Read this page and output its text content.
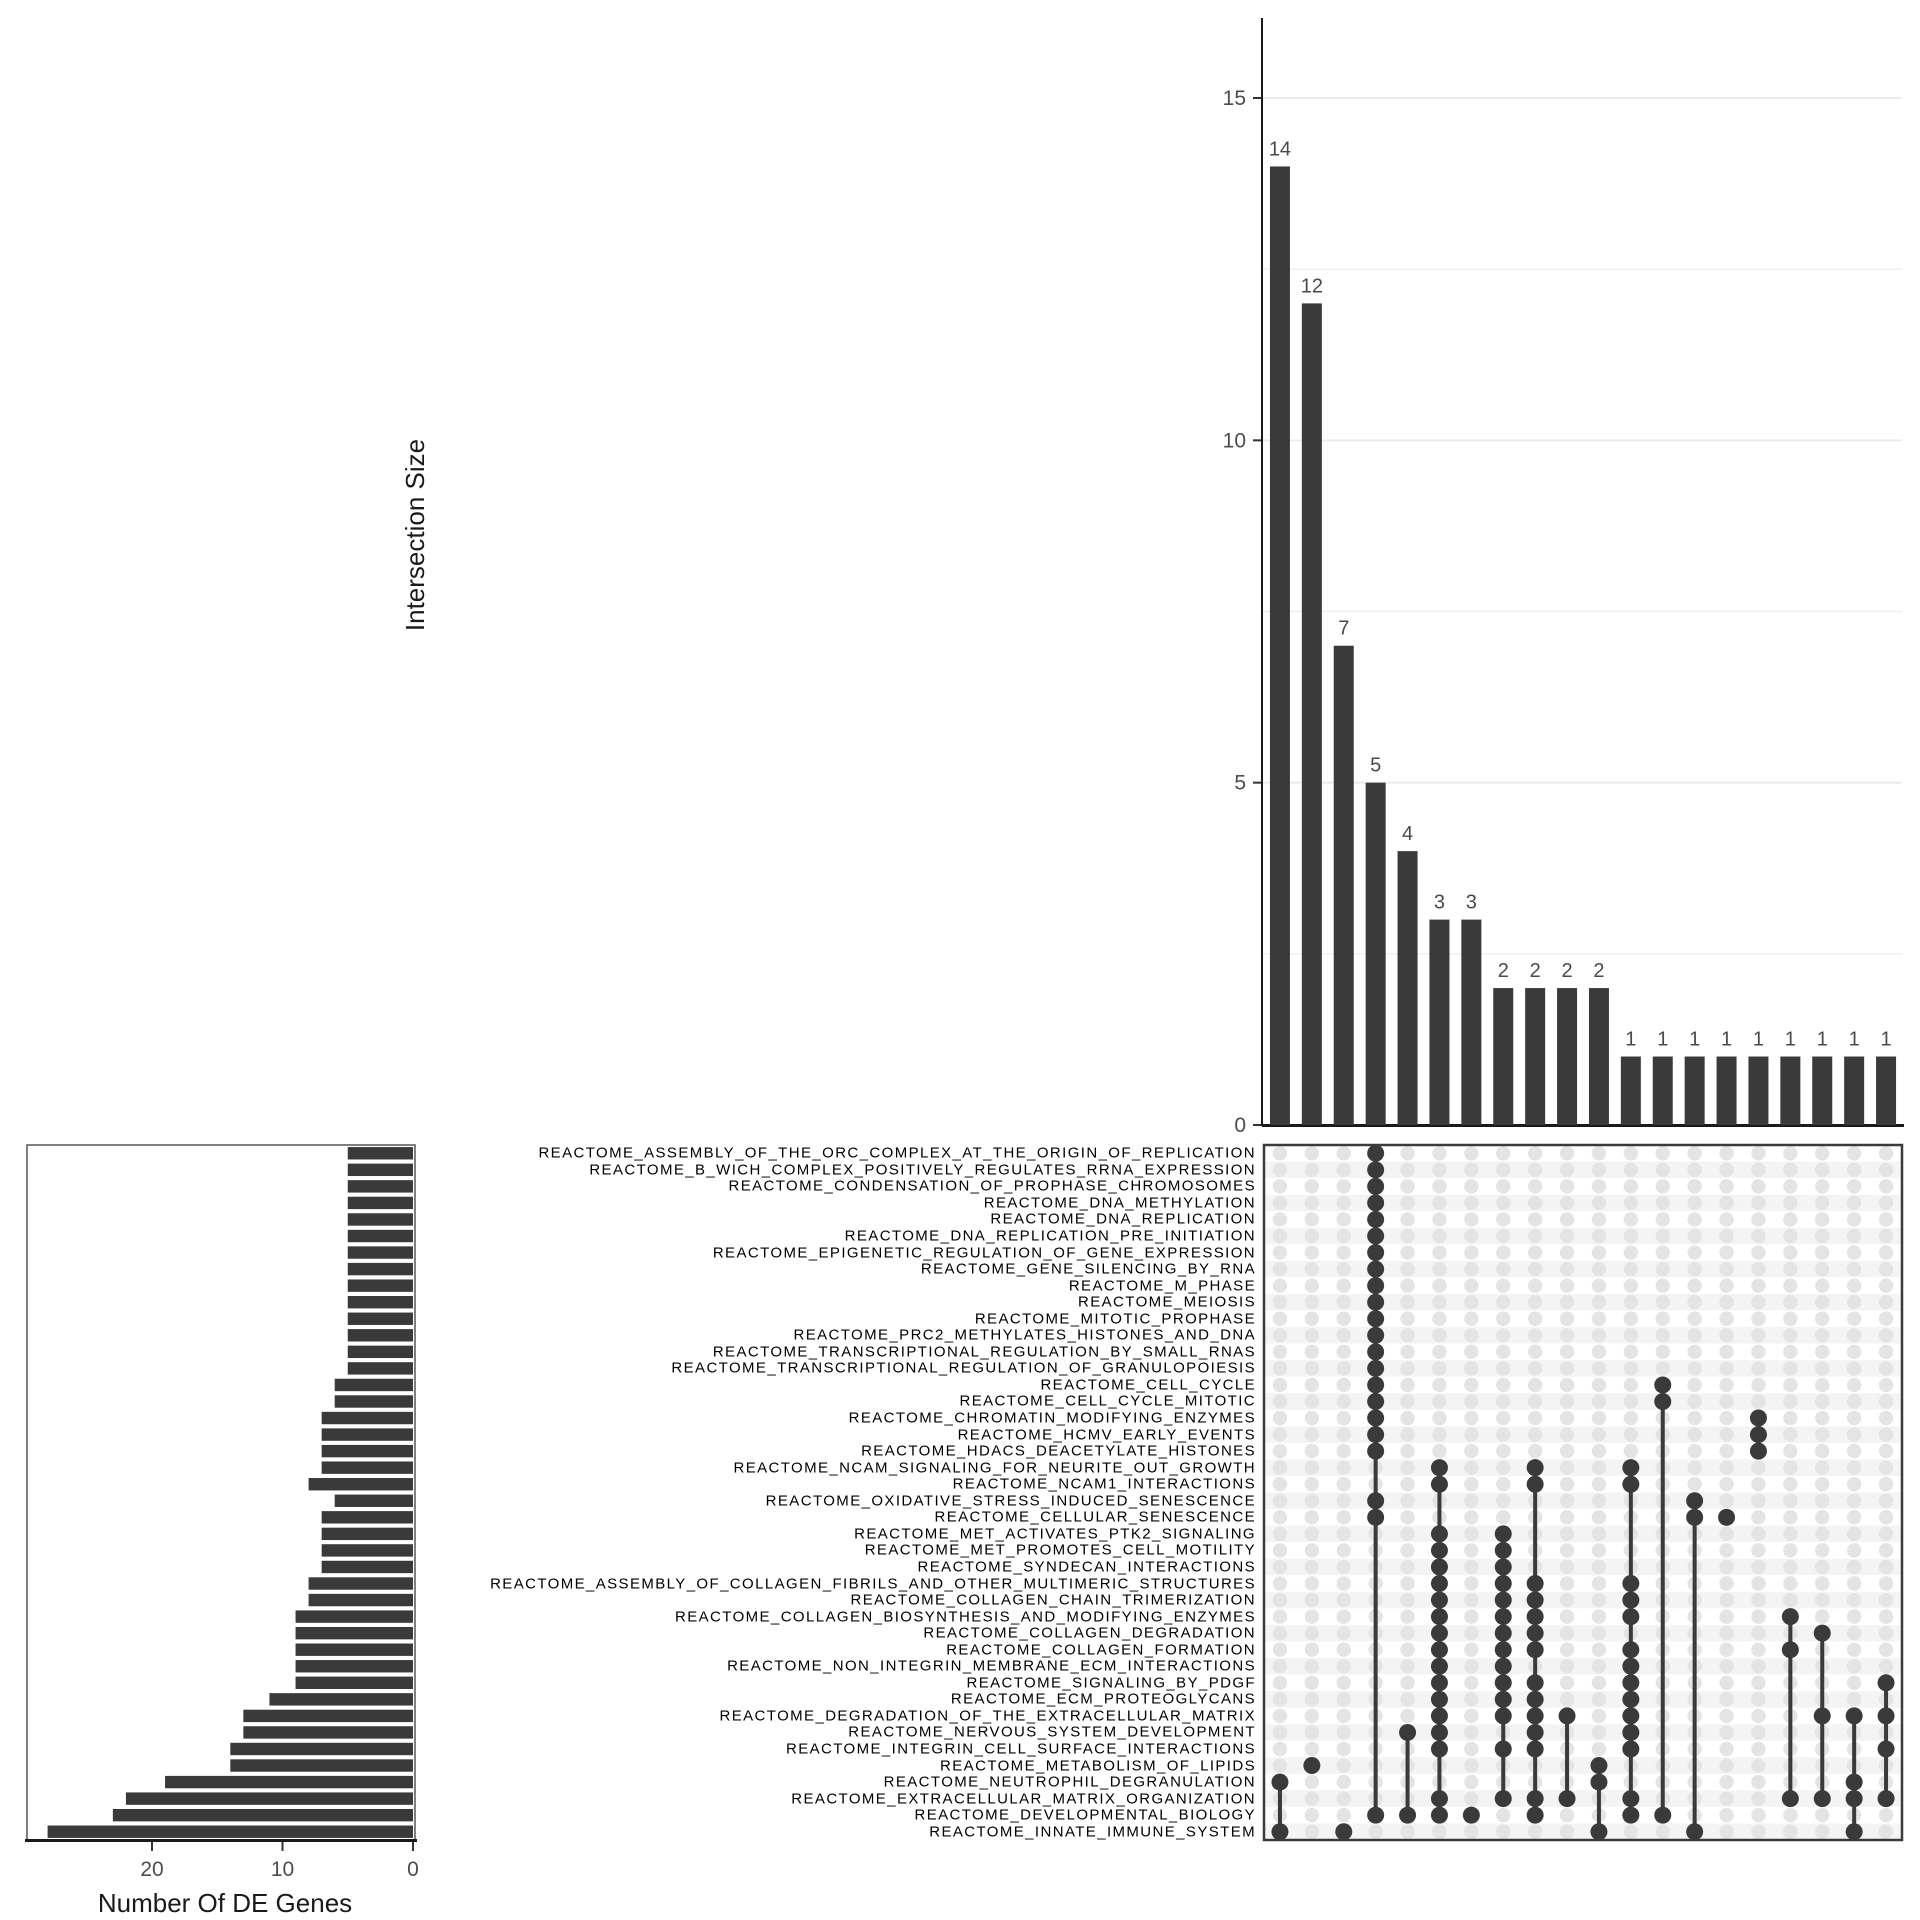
0
5
10
15
14
12
7
5
4
3 3
2 2 2 2
1 1 1 1 1 1 1 1 1
20	10	0
Intersection Size
Number Of DE Genes
REACTOME_ASSEMBLY_OF_THE_ORC_COMPLEX_AT_THE_ORIGIN_OF_REPLICATION
REACTOME_B_WICH_COMPLEX_POSITIVELY_REGULATES_RRNA_EXPRESSION
REACTOME_CONDENSATION_OF_PROPHASE_CHROMOSOMES
REACTOME_DNA_METHYLATION
REACTOME_DNA_REPLICATION
REACTOME_DNA_REPLICATION_PRE_INITIATION
REACTOME_EPIGENETIC_REGULATION_OF_GENE_EXPRESSION
REACTOME_GENE_SILENCING_BY_RNA
REACTOME_M_PHASE
REACTOME_MEIOSIS
REACTOME_MITOTIC_PROPHASE
REACTOME_PRC2_METHYLATES_HISTONES_AND_DNA
REACTOME_TRANSCRIPTIONAL_REGULATION_BY_SMALL_RNAS
REACTOME_TRANSCRIPTIONAL_REGULATION_OF_GRANULOPOIESIS
REACTOME_CELL_CYCLE
REACTOME_CELL_CYCLE_MITOTIC
REACTOME_CHROMATIN_MODIFYING_ENZYMES
REACTOME_HCMV_EARLY_EVENTS
REACTOME_HDACS_DEACETYLATE_HISTONES
REACTOME_NCAM_SIGNALING_FOR_NEURITE_OUT_GROWTH
REACTOME_NCAM1_INTERACTIONS
REACTOME_OXIDATIVE_STRESS_INDUCED_SENESCENCE
REACTOME_CELLULAR_SENESCENCE
REACTOME_MET_ACTIVATES_PTK2_SIGNALING
REACTOME_MET_PROMOTES_CELL_MOTILITY
REACTOME_SYNDECAN_INTERACTIONS
REACTOME_ASSEMBLY_OF_COLLAGEN_FIBRILS_AND_OTHER_MULTIMERIC_STRUCTURES
REACTOME_COLLAGEN_CHAIN_TRIMERIZATION
REACTOME_COLLAGEN_BIOSYNTHESIS_AND_MODIFYING_ENZYMES
REACTOME_COLLAGEN_DEGRADATION
REACTOME_COLLAGEN_FORMATION
REACTOME_NON_INTEGRIN_MEMBRANE_ECM_INTERACTIONS
REACTOME_SIGNALING_BY_PDGF
REACTOME_ECM_PROTEOGLYCANS
REACTOME_DEGRADATION_OF_THE_EXTRACELLULAR_MATRIX
REACTOME_NERVOUS_SYSTEM_DEVELOPMENT
REACTOME_INTEGRIN_CELL_SURFACE_INTERACTIONS
REACTOME_METABOLISM_OF_LIPIDS
REACTOME_NEUTROPHIL_DEGRANULATION
REACTOME_EXTRACELLULAR_MATRIX_ORGANIZATION
REACTOME_DEVELOPMENTAL_BIOLOGY
REACTOME_INNATE_IMMUNE_SYSTEM
